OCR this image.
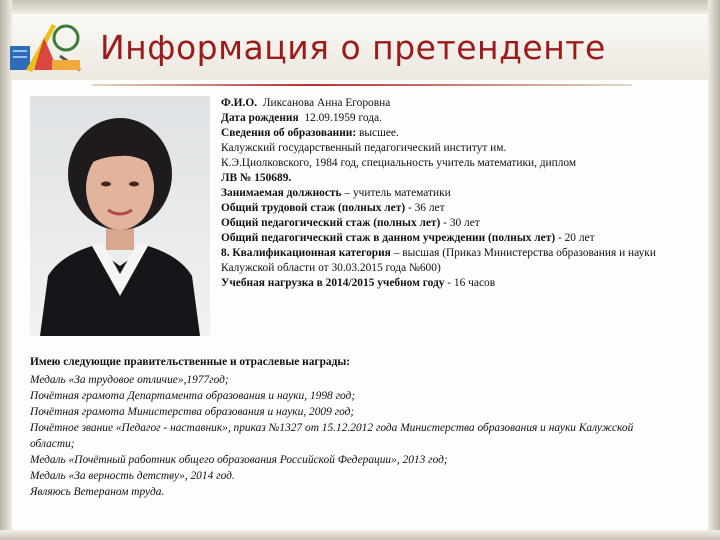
Информация о претенденте

Ф.И.О. Ликсанова Анна Егоровна

Дата рождения 12.09.1959 года.

Сведения об образовании: высшее.

Калужский государственный педагогический институт им.

К.Э.Циолковского, 1984 год, специальность учитель математики, диплом

ЛВ № 150689.

Занимаемая должность – учитель математики

Общий трудовой стаж (полных лет) - 36 лет

Общий педагогический стаж (полных лет) - 30 лет

Общий педагогический стаж в данном учреждении (полных лет) - 20 лет

8. Квалификационная категория – высшая (Приказ Министерства образования и науки Калужской области от 30.03.2015 года №600)

Учебная нагрузка в 2014/2015 учебном году - 16 часов

Имею следующие правительственные и отраслевые награды:

Медаль «За трудовое отличие»,1977год;

Почётная грамота Департамента образования и науки, 1998 год;

Почётная грамота Министерства образования и науки, 2009 год;

Почётное звание «Педагог - наставник», приказ №1327 от 15.12.2012 года Министерства образования и науки Калужской области;

Медаль «Почётный работник общего образования Российской Федерации», 2013 год;

Медаль «За верность детству», 2014 год.

Являюсь Ветераном труда.
